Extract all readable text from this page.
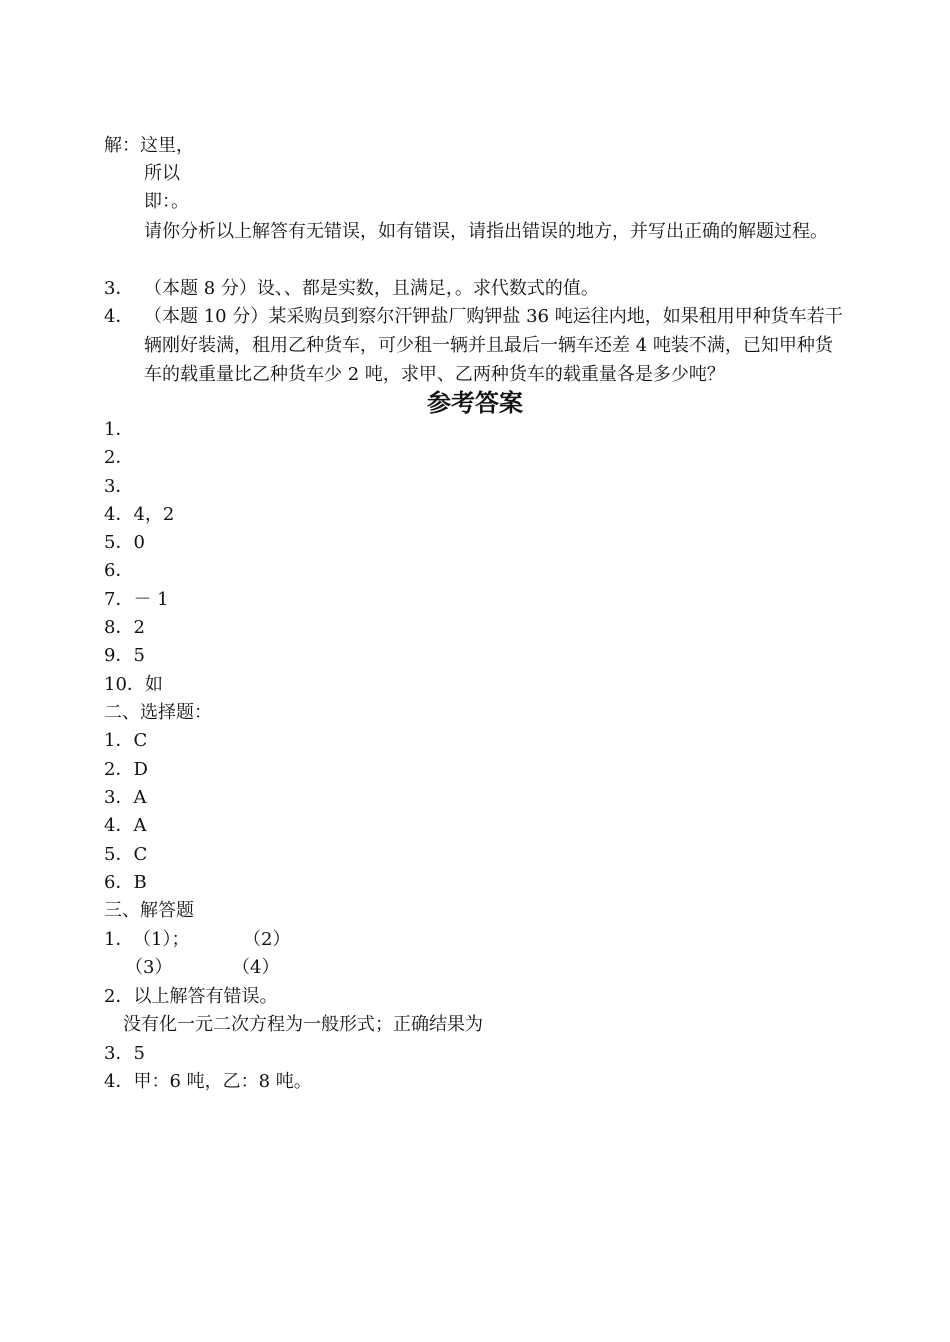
解：这里，
所以
即：。
请你分析以上解答有无错误，如有错误，请指出错误的地方，并写出正确的解题过程。
3． （本题 8 分）设、、都是实数，且满足，。求代数式的值。
4． （本题 10 分）某采购员到察尔汗钾盐厂购钾盐 36 吨运往内地，如果租用甲种货车若干辆刚好装满，租用乙种货车，可少租一辆并且最后一辆车还差 4 吨装不满，已知甲种货车的载重量比乙种货车少 2 吨，求甲、乙两种货车的载重量各是多少吨？
参考答案
1．
2．
3．
4．4，2
5．0
6．
7．－ 1
8．2
9．5
10．如
二、选择题：
1．C
2．D
3．A
4．A
5．C
6．B
三、解答题
1． （1）；	（2）
（3）	（4）
2．以上解答有错误。
没有化一元二次方程为一般形式；正确结果为
3．5
4．甲：6 吨，乙：8 吨。
